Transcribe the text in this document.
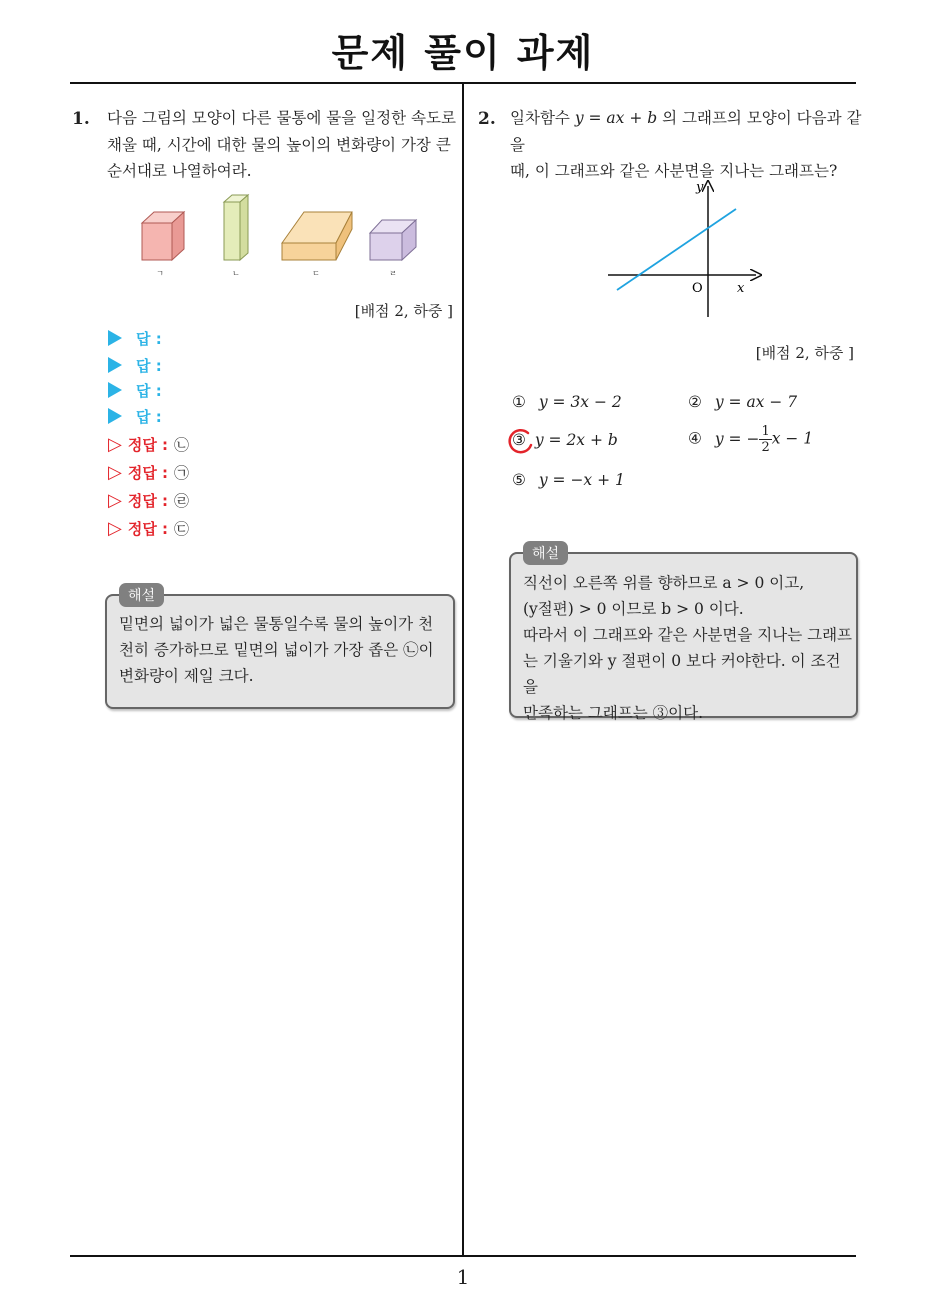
문제 풀이 과제
1
1. 다음 그림의 모양이 다른 물통에 물을 일정한 속도로
채울 때, 시간에 대한 물의 높이의 변화량이 가장 큰
순서대로 나열하여라.
ㄱ	ㄴ	ㄷ	ㄹ
[배점 2, 하중 ]
답 :
답 :
답 :
답 :
▷ 정답 : ㉡
▷ 정답 : ㉠
▷ 정답 : ㉣
▷ 정답 : ㉢
해설
밑면의 넓이가 넓은 물통일수록 물의 높이가 천
천히 증가하므로 밑면의 넓이가 가장 좁은 ㉡이
변화량이 제일 크다.
2. 일차함수 y = ax + b 의 그래프의 모양이 다음과 같을
때, 이 그래프와 같은 사분면을 지나는 그래프는?
y
x
O
[배점 2, 하중 ]
① y = 3x − 2	② y = ax − 7
③ y = 2x + b	④ y = − $\frac{1}{2}$ x − 1
⑤ y = −x + 1
해설
직선이 오른쪽 위를 향하므로 a > 0 이고,
(y절편) > 0 이므로 b > 0 이다.
따라서 이 그래프와 같은 사분면을 지나는 그래프
는 기울기와 y 절편이 0 보다 커야한다. 이 조건을
만족하는 그래프는 ③이다.
